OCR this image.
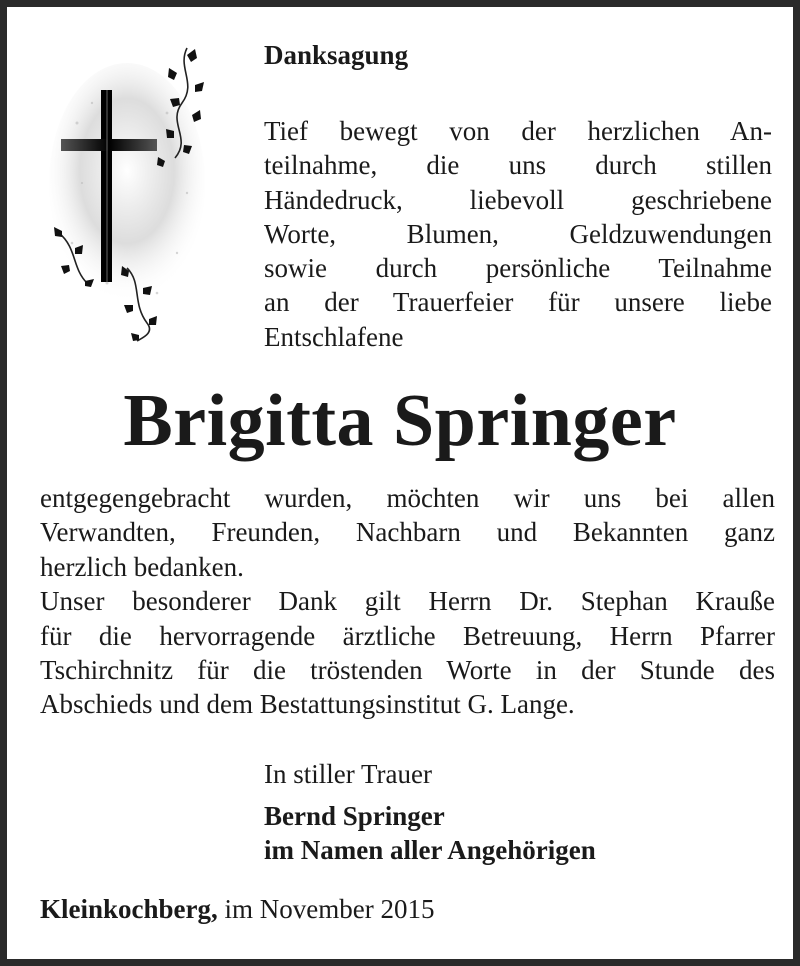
Danksagung
Tief bewegt von der herzlichen An-
teilnahme, die uns durch stillen
Händedruck, liebevoll geschriebene
Worte, Blumen, Geldzuwendungen
sowie durch persönliche Teilnahme
an der Trauerfeier für unsere liebe
Entschlafene
Brigitta Springer
entgegengebracht wurden, möchten wir uns bei allen
Verwandten, Freunden, Nachbarn und Bekannten ganz
herzlich bedanken.
Unser besonderer Dank gilt Herrn Dr. Stephan Kraußе
für die hervorragende ärztliche Betreuung, Herrn Pfarrer
Tschirchnitz für die tröstenden Worte in der Stunde des
Abschieds und dem Bestattungsinstitut G. Lange.
In stiller Trauer
Bernd Springer
im Namen aller Angehörigen
Kleinkochberg, im November 2015
